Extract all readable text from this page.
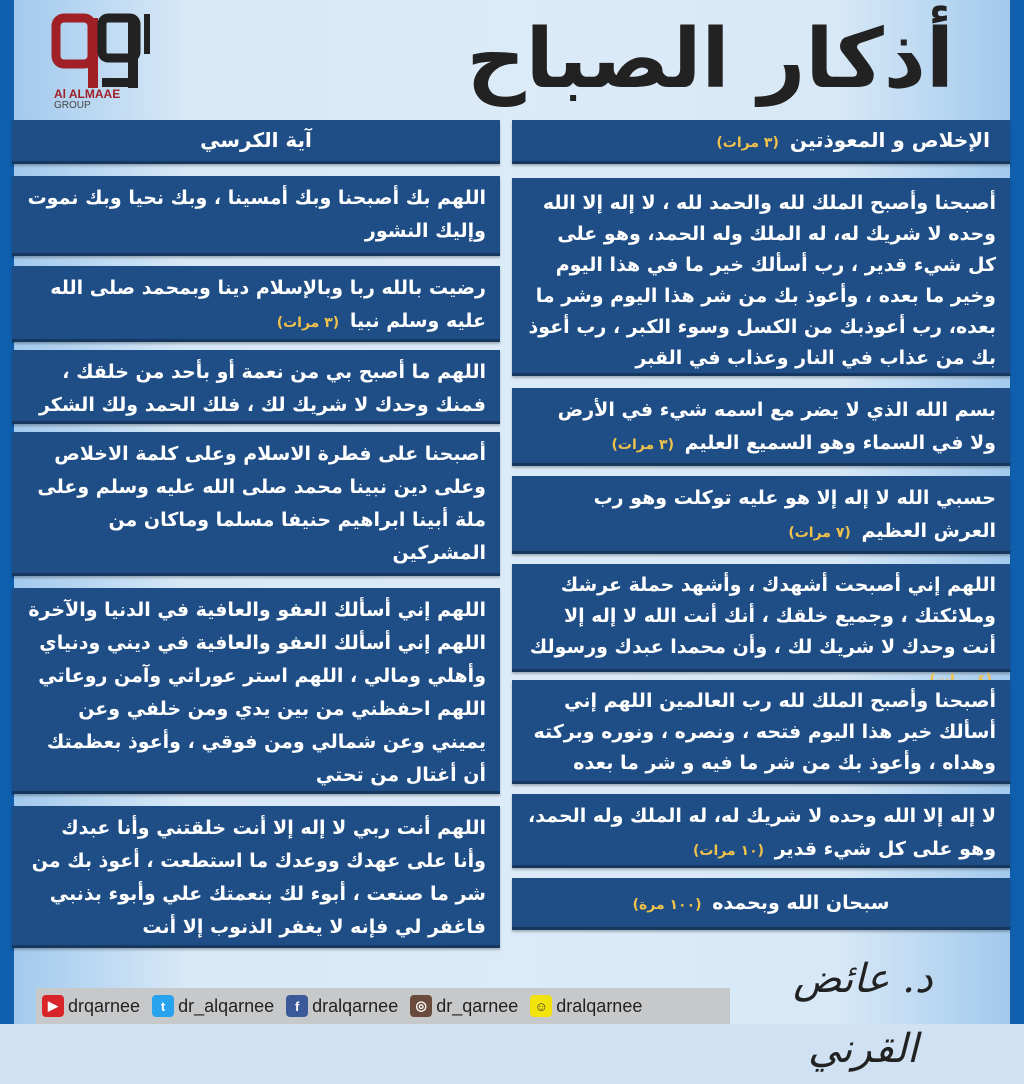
Al ALMAAE
GROUP	أذكار الصباح
الإخلاص و المعوذتين (٣ مرات)
أصبحنا وأصبح الملك لله والحمد لله ، لا إله إلا الله وحده لا شريك له، له الملك وله الحمد، وهو على كل شيء قدير ، رب أسألك خير ما في هذا اليوم وخير ما بعده ، وأعوذ بك من شر هذا اليوم وشر ما بعده، رب أعوذبك من الكسل وسوء الكبر ، رب أعوذ بك من عذاب في النار وعذاب في القبر
بسم الله الذي لا يضر مع اسمه شيء في الأرض ولا في السماء وهو السميع العليم (٣ مرات)
حسبي الله لا إله إلا هو عليه توكلت وهو رب العرش العظيم (٧ مرات)
اللهم إني أصبحت أشهدك ، وأشهد حملة عرشك وملائكتك ، وجميع خلقك ، أنك أنت الله لا إله إلا أنت وحدك لا شريك لك ، وأن محمدا عبدك ورسولك
أصبحنا وأصبح الملك لله رب العالمين اللهم إني أسألك خير هذا اليوم فتحه ، ونصره ، ونوره وبركته وهداه ، وأعوذ بك من شر ما فيه و شر ما بعده
لا إله إلا الله وحده لا شريك له، له الملك وله الحمد، وهو على كل شيء قدير (١٠ مرات)
سبحان الله وبحمده (١٠٠ مرة)
آية الكرسي
اللهم بك أصبحنا وبك أمسينا ، وبك نحيا وبك نموت وإليك النشور
رضيت بالله ربا وبالإسلام دينا وبمحمد صلى الله عليه وسلم نبيا (٣ مرات)
اللهم ما أصبح بي من نعمة أو بأحد من خلقك ، فمنك وحدك لا شريك لك ، فلك الحمد ولك الشكر
أصبحنا على فطرة الاسلام وعلى كلمة الاخلاص وعلى دين نبينا محمد صلى الله عليه وسلم وعلى ملة أبينا ابراهيم حنيفا مسلما وماكان من المشركين
اللهم إني أسألك العفو والعافية في الدنيا والآخرة اللهم إني أسألك العفو والعافية في ديني ودنياي وأهلي ومالي ، اللهم استر عوراتي وآمن روعاتي اللهم احفظني من بين يدي ومن خلفي وعن يميني وعن شمالي ومن فوقي ، وأعوذ بعظمتك أن أغتال من تحتي
اللهم أنت ربي لا إله إلا أنت خلقتني وأنا عبدك وأنا على عهدك ووعدك ما استطعت ، أعوذ بك من شر ما صنعت ، أبوء لك بنعمتك علي وأبوء بذنبي فاغفر لي فإنه لا يغفر الذنوب إلا أنت
▶ drqarnee	t dr_alqarnee	f dralqarnee	◎ dr_qarnee	☺ dralqarnee
د. عائض القرني
